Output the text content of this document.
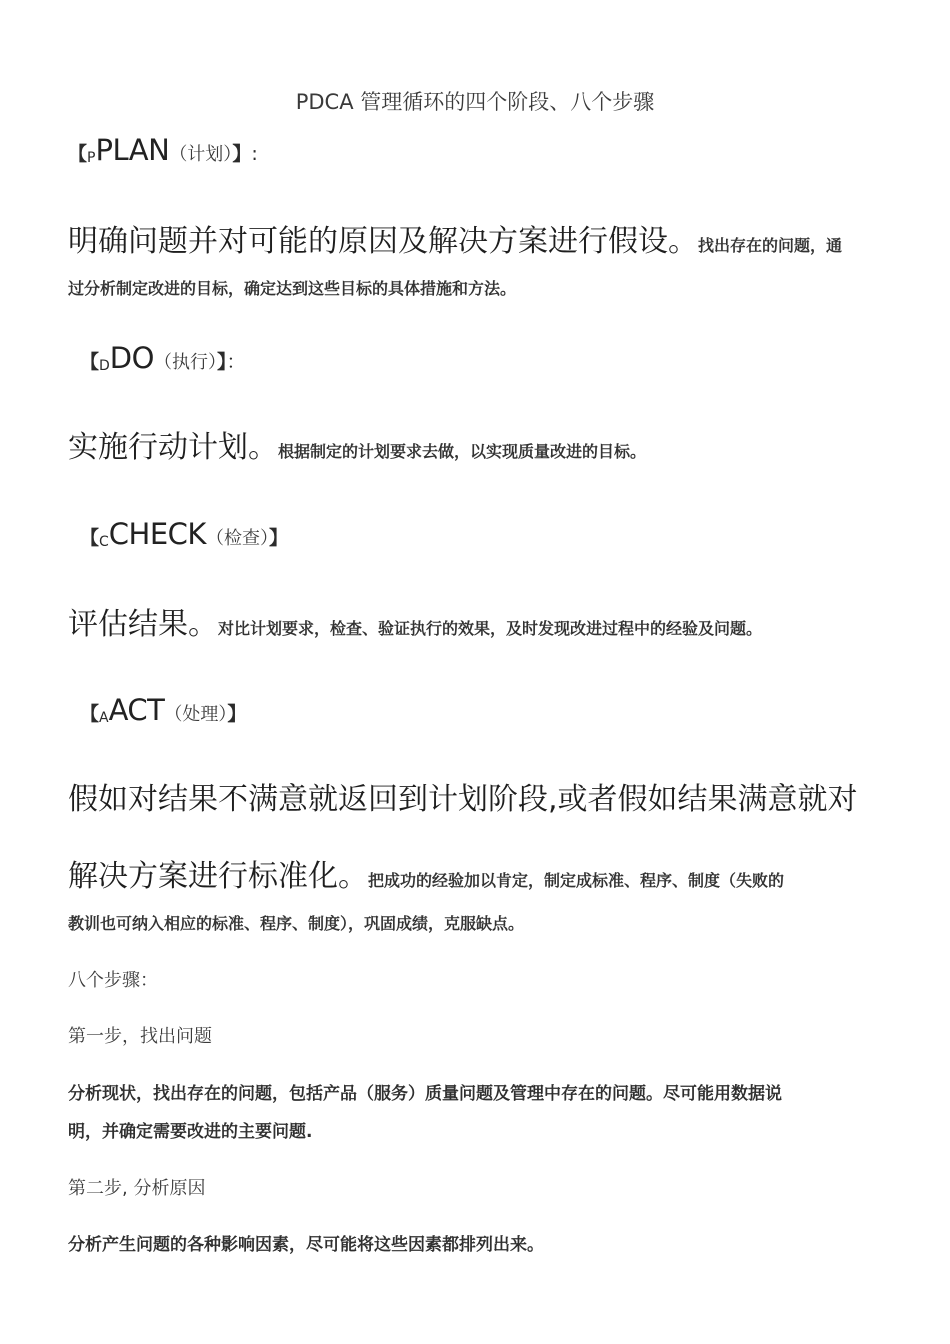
PDCA 管理循环的四个阶段、八个步骤
【PPLAN（计划）】:
明确问题并对可能的原因及解决方案进行假设。找出存在的问题，通
过分析制定改进的目标，确定达到这些目标的具体措施和方法。
【DDO（执行）】：
实施行动计划。根据制定的计划要求去做，以实现质量改进的目标。
【CCHECK（检查）】
评估结果。对比计划要求，检查、验证执行的效果，及时发现改进过程中的经验及问题。
【AACT（处理）】
假如对结果不满意就返回到计划阶段,或者假如结果满意就对
解决方案进行标准化。把成功的经验加以肯定，制定成标准、程序、制度（失败的
教训也可纳入相应的标准、程序、制度），巩固成绩，克服缺点。
八个步骤：
第一步，找出问题
分析现状，找出存在的问题，包括产品（服务）质量问题及管理中存在的问题。尽可能用数据说
明，并确定需要改进的主要问题.
第二步, 分析原因
分析产生问题的各种影响因素，尽可能将这些因素都排列出来。
